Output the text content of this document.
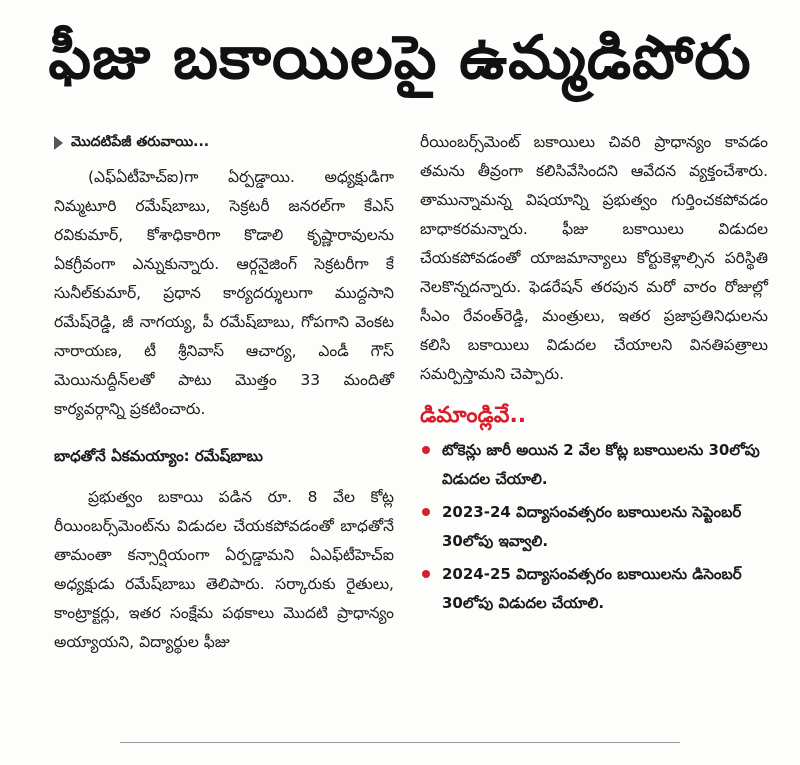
ఫీజు బకాయిలపై ఉమ్మడిపోరు
మొదటిపేజీ తరువాయి...

(ఎఫ్ఏటీహెచ్ఐ)గా ఏర్పడ్డాయి. అధ్యక్షుడిగా నిమ్మటూరి రమేష్‌బాబు, సెక్రటరీ జనరల్‌గా కేఎస్ రవికుమార్, కోశాధికారిగా కొడాలి కృష్ణారావులను ఏకగ్రీవంగా ఎన్నుకున్నారు. ఆర్గనైజింగ్ సెక్రటరీగా కే సునీల్‌కుమార్, ప్రధాన కార్యదర్శులుగా ముద్దసాని రమేష్‌రెడ్డి, జీ నాగయ్య, పీ రమేష్‌బాబు, గోపగాని వెంకట నారాయణ, టీ శ్రీనివాస్ ఆచార్య, ఎండీ గౌస్ మెయినుద్దీన్‌లతో పాటు మొత్తం 33 మందితో కార్యవర్గాన్ని ప్రకటించారు.

బాధతోనే ఏకమయ్యాం: రమేష్‌బాబు

ప్రభుత్వం బకాయి పడిన రూ. 8 వేల కోట్ల రీయింబర్స్‌మెంట్‌ను విడుదల చేయకపోవడంతో బాధతోనే తామంతా కన్సార్షియంగా ఏర్పడ్డామని ఏఎఫ్‌టీహెచ్ఐ అధ్యక్షుడు రమేష్‌బాబు తెలిపారు. సర్కారుకు రైతులు, కాంట్రాక్టర్లు, ఇతర సంక్షేమ పథకాలు మొదటి ప్రాధాన్యం అయ్యాయని, విద్యార్థుల ఫీజు

రీయింబర్స్‌మెంట్ బకాయిలు చివరి ప్రాధాన్యం కావడం తమను తీవ్రంగా కలిసివేసిందని ఆవేదన వ్యక్తంచేశారు. తామున్నామన్న విషయాన్ని ప్రభుత్వం గుర్తించకపోవడం బాధాకరమన్నారు. ఫీజు బకాయిలు విడుదల చేయకపోవడంతో యాజమాన్యాలు కోర్టుకెళ్లాల్సిన పరిస్థితి నెలకొన్నదన్నారు. ఫెడరేషన్ తరపున మరో వారం రోజుల్లో సీఎం రేవంత్‌రెడ్డి, మంత్రులు, ఇతర ప్రజాప్రతినిధులను కలిసి బకాయిలు విడుదల చేయాలని వినతిపత్రాలు సమర్పిస్తామని చెప్పారు.

డిమాండ్లివే..
టోకెన్లు జారీ అయిన 2 వేల కోట్ల బకాయిలను 30లోపు విడుదల చేయాలి.
2023-24 విద్యాసంవత్సరం బకాయిలను సెప్టెంబర్ 30లోపు ఇవ్వాలి.
2024-25 విద్యాసంవత్సరం బకాయిలను డిసెంబర్ 30లోపు విడుదల చేయాలి.
